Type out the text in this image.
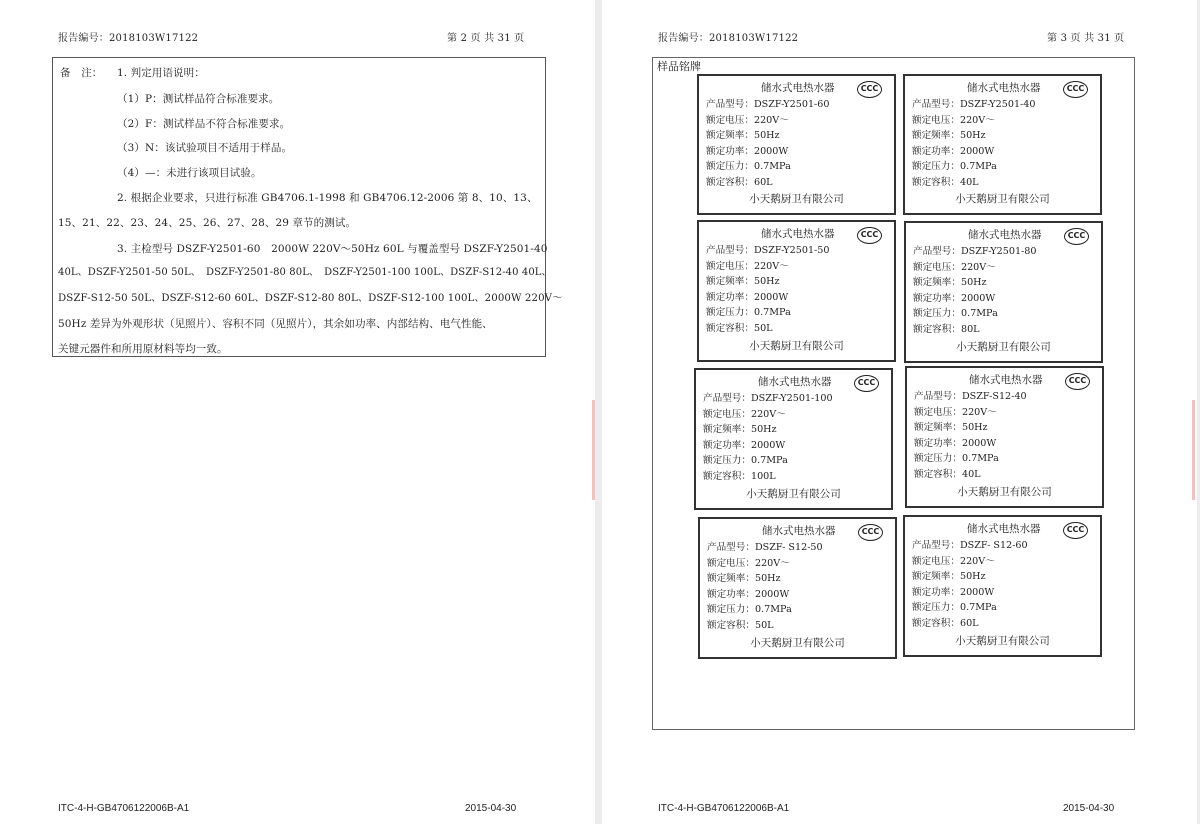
报告编号：2018103W17122	第 2 页 共 31 页
备　注： 1. 判定用语说明：
（1）P：测试样品符合标准要求。
（2）F：测试样品不符合标准要求。
（3）N：该试验项目不适用于样品。
（4）—：未进行该项目试验。
2. 根据企业要求，只进行标准 GB4706.1-1998 和 GB4706.12-2006 第 8、10、13、
15、21、22、23、24、25、26、27、28、29 章节的测试。
3. 主检型号 DSZF-Y2501-60　2000W 220V～50Hz 60L 与覆盖型号 DSZF-Y2501-40
40L、DSZF-Y2501-50 50L、　DSZF-Y2501-80 80L、　DSZF-Y2501-100 100L、DSZF-S12-40 40L、
DSZF-S12-50 50L、DSZF-S12-60 60L、DSZF-S12-80 80L、DSZF-S12-100 100L、2000W 220V～
50Hz 差异为外观形状（见照片）、容积不同（见照片），其余如功率、内部结构、电气性能、
关键元器件和所用原材料等均一致。
ITC-4-H-GB4706122006B-A1	2015-04-30
报告编号：2018103W17122	第 3 页 共 31 页
样品铭牌
储水式电热水器	CCC
产品型号：DSZF-Y2501-60
额定电压：220V～
额定频率：50Hz
额定功率：2000W
额定压力：0.7MPa
额定容积：60L
小天鹅厨卫有限公司
储水式电热水器	CCC
产品型号：DSZF-Y2501-40
额定电压：220V～
额定频率：50Hz
额定功率：2000W
额定压力：0.7MPa
额定容积：40L
小天鹅厨卫有限公司
储水式电热水器	CCC
产品型号：DSZF-Y2501-50
额定电压：220V～
额定频率：50Hz
额定功率：2000W
额定压力：0.7MPa
额定容积：50L
小天鹅厨卫有限公司
储水式电热水器	CCC
产品型号：DSZF-Y2501-80
额定电压：220V～
额定频率：50Hz
额定功率：2000W
额定压力：0.7MPa
额定容积：80L
小天鹅厨卫有限公司
储水式电热水器	CCC
产品型号：DSZF-Y2501-100
额定电压：220V～
额定频率：50Hz
额定功率：2000W
额定压力：0.7MPa
额定容积：100L
小天鹅厨卫有限公司
储水式电热水器	CCC
产品型号：DSZF-S12-40
额定电压：220V～
额定频率：50Hz
额定功率：2000W
额定压力：0.7MPa
额定容积：40L
小天鹅厨卫有限公司
储水式电热水器	CCC
产品型号：DSZF- S12-50
额定电压：220V～
额定频率：50Hz
额定功率：2000W
额定压力：0.7MPa
额定容积：50L
小天鹅厨卫有限公司
储水式电热水器	CCC
产品型号：DSZF- S12-60
额定电压：220V～
额定频率：50Hz
额定功率：2000W
额定压力：0.7MPa
额定容积：60L
小天鹅厨卫有限公司
ITC-4-H-GB4706122006B-A1	2015-04-30
